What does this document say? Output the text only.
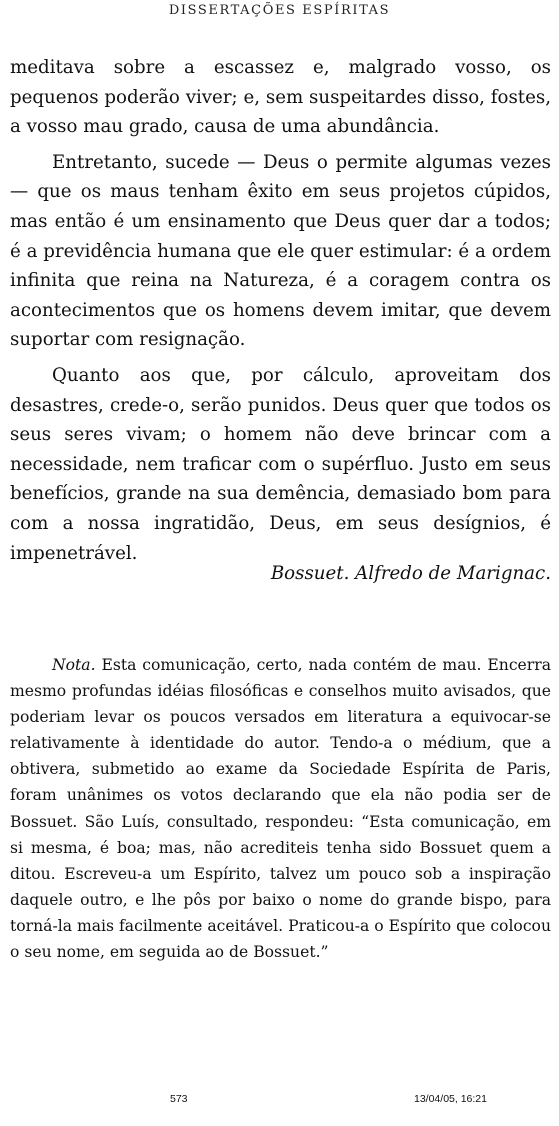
DISSERTAÇÕES ESPÍRITAS

meditava sobre a escassez e, malgrado vosso, os pequenos poderão viver; e, sem suspeitardes disso, fostes, a vosso mau grado, causa de uma abundância.

Entretanto, sucede — Deus o permite algumas vezes — que os maus tenham êxito em seus projetos cúpidos, mas então é um ensinamento que Deus quer dar a todos; é a previdência humana que ele quer estimular: é a ordem infinita que reina na Natureza, é a coragem contra os acontecimentos que os homens devem imitar, que devem suportar com resignação.

Quanto aos que, por cálculo, aproveitam dos desastres, crede-o, serão punidos. Deus quer que todos os seus seres vivam; o homem não deve brincar com a necessidade, nem traficar com o supérfluo. Justo em seus benefícios, grande na sua demência, demasiado bom para com a nossa ingratidão, Deus, em seus desígnios, é impenetrável.

Bossuet. Alfredo de Marignac.

Nota. Esta comunicação, certo, nada contém de mau. Encerra mesmo profundas idéias filosóficas e conselhos muito avisados, que poderiam levar os poucos versados em literatura a equivocar-se relativamente à identidade do autor. Tendo-a o médium, que a obtivera, submetido ao exame da Sociedade Espírita de Paris, foram unânimes os votos declarando que ela não podia ser de Bossuet. São Luís, consultado, respondeu: “Esta comunicação, em si mesma, é boa; mas, não acrediteis tenha sido Bossuet quem a ditou. Escreveu-a um Espírito, talvez um pouco sob a inspiração daquele outro, e lhe pôs por baixo o nome do grande bispo, para torná-la mais facilmente aceitável. Praticou-a o Espírito que colocou o seu nome, em seguida ao de Bossuet.”

573	13/04/05, 16:21
